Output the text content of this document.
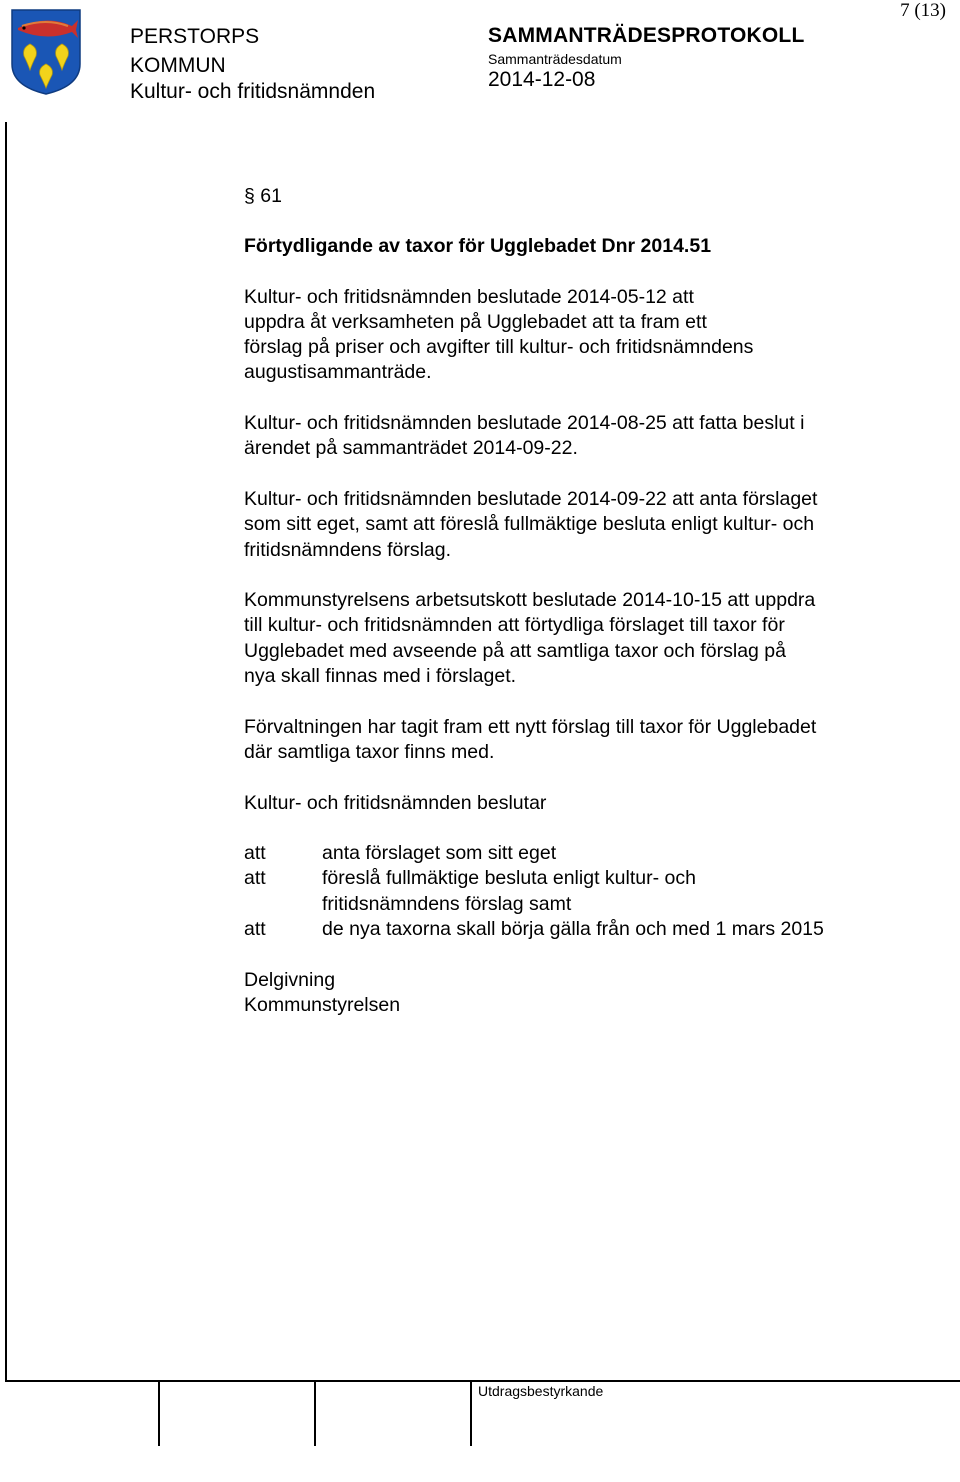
PERSTORPS
KOMMUN
Kultur- och fritidsnämnden
SAMMANTRÄDESPROTOKOLL
Sammanträdesdatum
2014-12-08
7 (13)
§ 61
Förtydligande av taxor för Ugglebadet Dnr 2014.51
Kultur- och fritidsnämnden beslutade 2014-05-12 att
uppdra åt verksamheten på Ugglebadet att ta fram ett
förslag på priser och avgifter till kultur- och fritidsnämndens
augustisammanträde.
Kultur- och fritidsnämnden beslutade 2014-08-25 att fatta beslut i
ärendet på sammanträdet 2014-09-22.
Kultur- och fritidsnämnden beslutade 2014-09-22 att anta förslaget
som sitt eget, samt att föreslå fullmäktige besluta enligt kultur- och
fritidsnämndens förslag.
Kommunstyrelsens arbetsutskott beslutade 2014-10-15 att uppdra
till kultur- och fritidsnämnden att förtydliga förslaget till taxor för
Ugglebadet med avseende på att samtliga taxor och förslag på
nya skall finnas med i förslaget.
Förvaltningen har tagit fram ett nytt förslag till taxor för Ugglebadet
där samtliga taxor finns med.
Kultur- och fritidsnämnden beslutar
att	anta förslaget som sitt eget
att	föreslå fullmäktige besluta enligt kultur- och
fritidsnämndens förslag samt
att	de nya taxorna skall börja gälla från och med 1 mars 2015
Delgivning
Kommunstyrelsen
Utdragsbestyrkande
